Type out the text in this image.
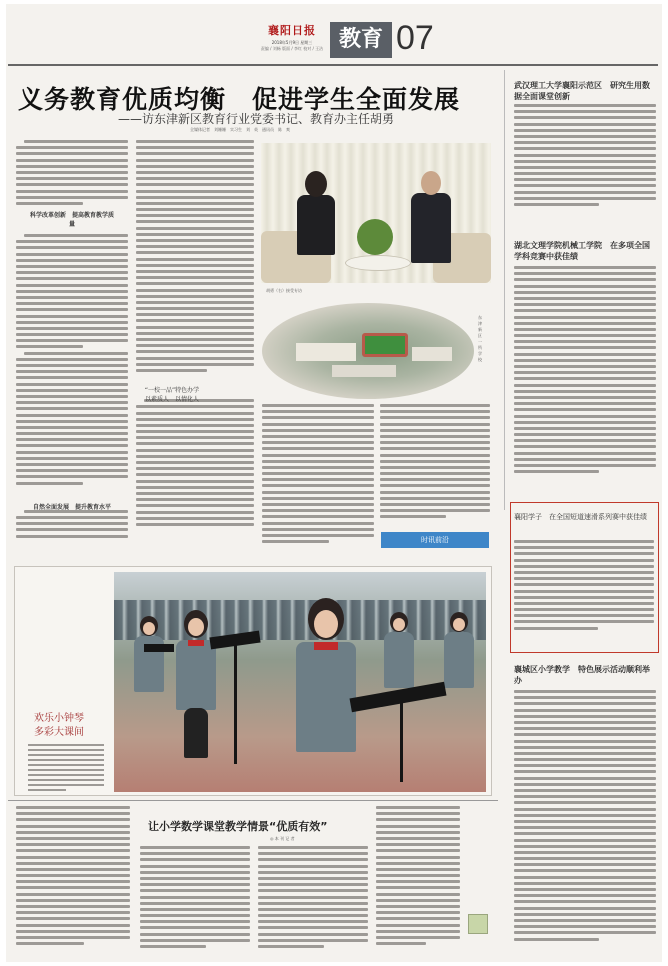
襄阳日报
2018年5月9日 星期三
责编 / 刘畅 版面 / 李红 校对 / 王洁 教育 07
义务教育优质均衡　促进学生全面发展
——访东津新区教育行业党委书记、教育办主任胡勇
全媒体记者　刘姗姗　实习生　刘　英　通讯员　陈　爽
科学改革创新　提高教育教学质量
自然全面发展　提升教育水平
“一校一品”特色办学　以素质人　以情化人
胡勇（右）接受专访
东津新区一所学校
时讯前沿
武汉理工大学襄阳示范区　研究生用数据全面课堂创新
湖北文理学院机械工学院　在多项全国学科竞赛中获佳绩
襄阳学子　在全国短道速滑系列赛中获佳绩
襄城区小学教学　特色展示活动顺利举办
欢乐小钟琴
多彩大课间
让小学数学课堂教学情景“优质有效”
◎ 本 刊 记 者
